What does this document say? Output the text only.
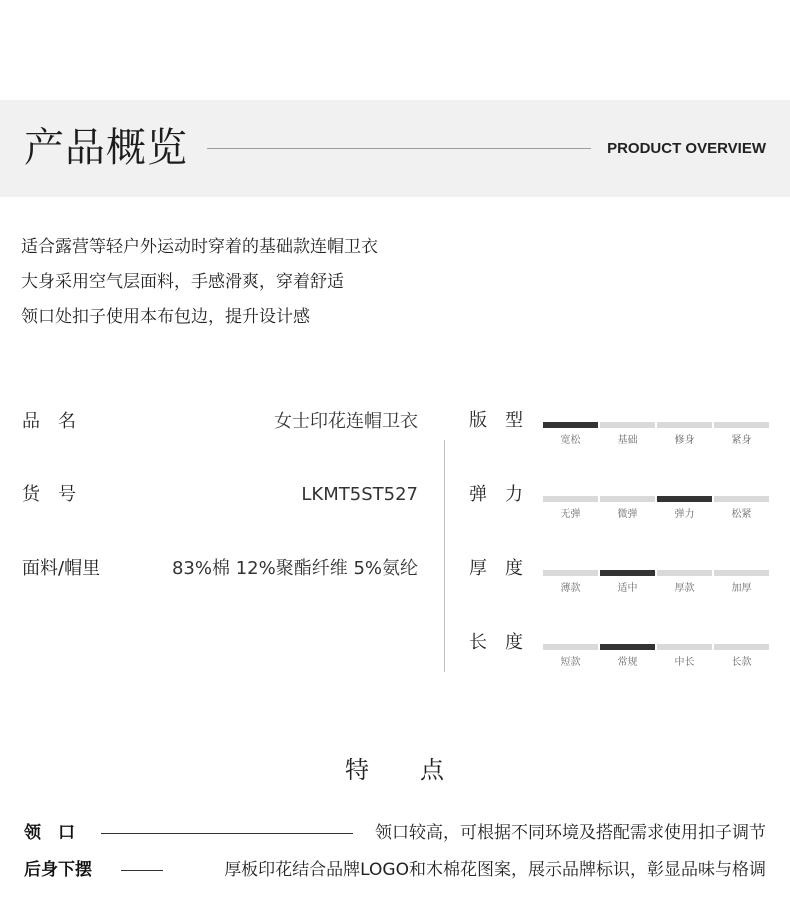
产品概览	PRODUCT OVERVIEW
适合露营等轻户外运动时穿着的基础款连帽卫衣
大身采用空气层面料，手感滑爽，穿着舒适
领口处扣子使用本布包边，提升设计感
品 名	女士印花连帽卫衣
货 号	LKMT5ST527
面料/帽里	83%棉 12%聚酯纤维 5%氨纶
版 型
宽松	基础	修身	紧身
弹 力
无弹	微弹	弹力	松紧
厚 度
薄款	适中	厚款	加厚
长 度
短款	常规	中长	长款
特  点
领 口	领口较高，可根据不同环境及搭配需求使用扣子调节
后身下摆	厚板印花结合品牌LOGO和木棉花图案，展示品牌标识，彰显品味与格调
